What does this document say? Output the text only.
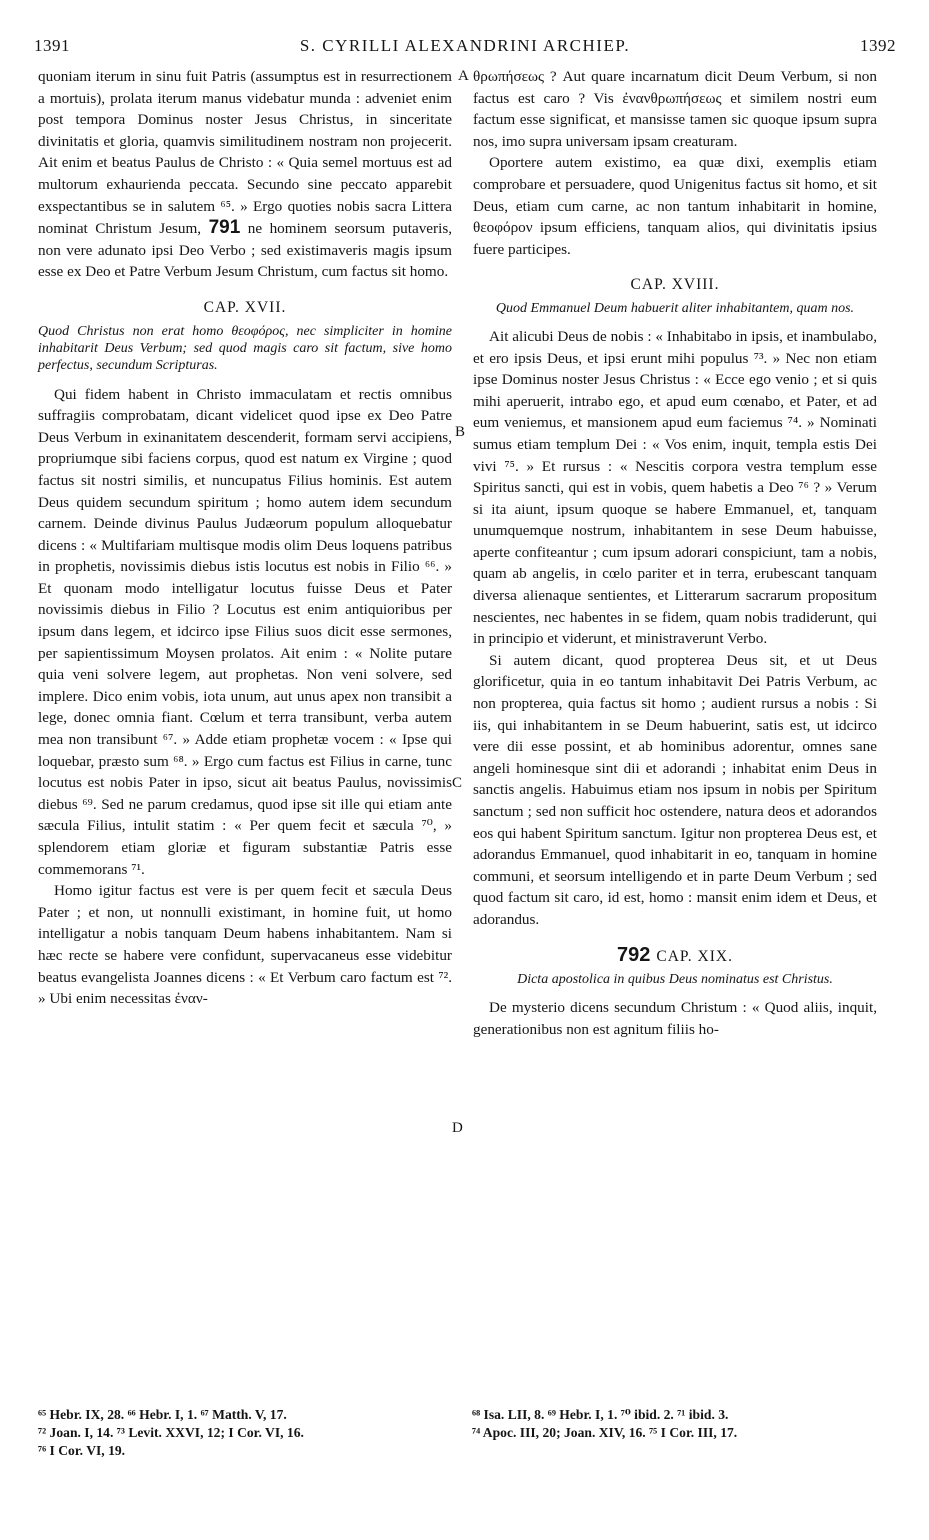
1391	S. CYRILLI ALEXANDRINI ARCHIEP.	1392
A
B
C
D

quoniam iterum in sinu fuit Patris (assumptus est in resurrectionem a mortuis), prolata iterum manus videbatur munda : adveniet enim post tempora Dominus noster Jesus Christus, in sinceritate divinitatis et gloria, quamvis similitudinem nostram non projecerit. Ait enim et beatus Paulus de Christo : « Quia semel mortuus est ad multorum exhaurienda peccata. Secundo sine peccato apparebit exspectantibus se in salutem ⁶⁵. » Ergo quoties nobis sacra Littera nominat Christum Jesum, 791 ne hominem seorsum putaveris, non vere adunato ipsi Deo Verbo ; sed existimaveris magis ipsum esse ex Deo et Patre Verbum Jesum Christum, cum factus sit homo.

CAP. XVII.
Quod Christus non erat homo θεοφόρος, nec simpliciter in homine inhabitarit Deus Verbum; sed quod magis caro sit factum, sive homo perfectus, secundum Scripturas.

Qui fidem habent in Christo immaculatam et rectis omnibus suffragiis comprobatam, dicant videlicet quod ipse ex Deo Patre Deus Verbum in exinanitatem descenderit, formam servi accipiens, propriumque sibi faciens corpus, quod est natum ex Virgine ; quod factus sit nostri similis, et nuncupatus Filius hominis. Est autem Deus quidem secundum spiritum ; homo autem idem secundum carnem. Deinde divinus Paulus Judæorum populum alloquebatur dicens : « Multifariam multisque modis olim Deus loquens patribus in prophetis, novissimis diebus istis locutus est nobis in Filio ⁶⁶. » Et quonam modo intelligatur locutus fuisse Deus et Pater novissimis diebus in Filio ? Locutus est enim antiquioribus per ipsum dans legem, et idcirco ipse Filius suos dicit esse sermones, per sapientissimum Moysen prolatos. Ait enim : « Nolite putare quia veni solvere legem, aut prophetas. Non veni solvere, sed implere. Dico enim vobis, iota unum, aut unus apex non transibit a lege, donec omnia fiant. Cœlum et terra transibunt, verba autem mea non transibunt ⁶⁷. » Adde etiam prophetæ vocem : « Ipse qui loquebar, præsto sum ⁶⁸. » Ergo cum factus est Filius in carne, tunc locutus est nobis Pater in ipso, sicut ait beatus Paulus, novissimis diebus ⁶⁹. Sed ne parum credamus, quod ipse sit ille qui etiam ante sæcula Filius, intulit statim : « Per quem fecit et sæcula ⁷⁰, » splendorem etiam gloriæ et figuram substantiæ Patris esse commemorans ⁷¹.

Homo igitur factus est vere is per quem fecit et sæcula Deus Pater ; et non, ut nonnulli existimant, in homine fuit, ut homo intelligatur a nobis tanquam Deum habens inhabitantem. Nam si hæc recte se habere vere confidunt, supervacaneus esse videbitur beatus evangelista Joannes dicens : « Et Verbum caro factum est ⁷². » Ubi enim necessitas ἐναν-

θρωπήσεως ? Aut quare incarnatum dicit Deum Verbum, si non factus est caro ? Vis ἐνανθρωπήσεως et similem nostri eum factum esse significat, et mansisse tamen sic quoque ipsum supra nos, imo supra universam ipsam creaturam.

Oportere autem existimo, ea quæ dixi, exemplis etiam comprobare et persuadere, quod Unigenitus factus sit homo, et sit Deus, etiam cum carne, ac non tantum inhabitarit in homine, θεοφόρον ipsum efficiens, tanquam alios, qui divinitatis ipsius fuere participes.

CAP. XVIII.
Quod Emmanuel Deum habuerit aliter inhabitantem, quam nos.

Ait alicubi Deus de nobis : « Inhabitabo in ipsis, et inambulabo, et ero ipsis Deus, et ipsi erunt mihi populus ⁷³. » Nec non etiam ipse Dominus noster Jesus Christus : « Ecce ego venio ; et si quis mihi aperuerit, intrabo ego, et apud eum cœnabo, et Pater, et ad eum veniemus, et mansionem apud eum faciemus ⁷⁴. » Nominati sumus etiam templum Dei : « Vos enim, inquit, templa estis Dei vivi ⁷⁵. » Et rursus : « Nescitis corpora vestra templum esse Spiritus sancti, qui est in vobis, quem habetis a Deo ⁷⁶ ? » Verum si ita aiunt, ipsum quoque se habere Emmanuel, et, tanquam unumquemque nostrum, inhabitantem in sese Deum habuisse, aperte confiteantur ; cum ipsum adorari conspiciunt, tam a nobis, quam ab angelis, in cœlo pariter et in terra, erubescant tanquam diversa alienaque sentientes, et Litterarum sacrarum propositum nescientes, nec habentes in se fidem, quam nobis tradiderunt, qui in principio et viderunt, et ministraverunt Verbo.

Si autem dicant, quod propterea Deus sit, et ut Deus glorificetur, quia in eo tantum inhabitavit Dei Patris Verbum, ac non propterea, quia factus sit homo ; audient rursus a nobis : Si iis, qui inhabitantem in se Deum habuerint, satis est, ut idcirco vere dii esse possint, et ab hominibus adorentur, omnes sane angeli hominesque sint dii et adorandi ; inhabitat enim Deus in sanctis angelis. Habuimus etiam nos ipsum in nobis per Spiritum sanctum ; sed non sufficit hoc ostendere, natura deos et adorandos eos qui habent Spiritum sanctum. Igitur non propterea Deus est, et adorandus Emmanuel, quod inhabitarit in eo, tanquam in homine communi, et seorsum intelligendo et in parte Deum Verbum ; sed quod factum sit caro, id est, homo : mansit enim idem et Deus, et adorandus.

792 CAP. XIX.
Dicta apostolica in quibus Deus nominatus est Christus.

De mysterio dicens secundum Christum : « Quod aliis, inquit, generationibus non est agnitum filiis ho-

⁶⁵ Hebr. IX, 28. ⁶⁶ Hebr. I, 1. ⁶⁷ Matth. V, 17.
⁷² Joan. I, 14. ⁷³ Levit. XXVI, 12; I Cor. VI, 16.
⁷⁶ I Cor. VI, 19.
⁶⁸ Isa. LII, 8. ⁶⁹ Hebr. I, 1. ⁷⁰ ibid. 2. ⁷¹ ibid. 3.
⁷⁴ Apoc. III, 20; Joan. XIV, 16. ⁷⁵ I Cor. III, 17.
